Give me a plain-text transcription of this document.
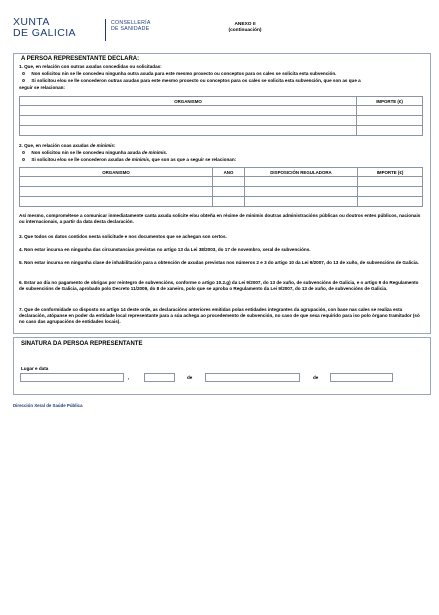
XUNTA
DE GALICIA
CONSELLERÍA
DE SANIDADE
ANEXO II
(continuación)
A PERSOA REPRESENTANTE DECLARA:
1. Que, en relación con outras axudas concedidas ou solicitadas:
Non solicitou nin se lle concedeu ningunha outra axuda para este mesmo proxecto ou conceptos para os cales se solicita esta subvención.
Si solicitou e/ou se lle concederon outras axudas para este mesmo proxecto ou conceptos para os cales se solicita esta subvención, que son as que a
seguir se relacionan:
ORGANISMO	IMPORTE (€)

2. Que, en relación coas axudas de minimis:
Non solicitou nin se lle concedeu ningunha axuda de minimis.
Si solicitou e/ou se lle concederon axudas de minimis, que son as que a seguir se relacionan:
ORGANISMO	ANO	DISPOSICIÓN REGULADORA	IMPORTE (€)

Así mesmo, comprométese a comunicar inmediatamente canta axuda solicite e/ou obteña en réxime de minimis doutras administracións públicas ou doutros entes públicos, nacionais ou internacionais, a partir da data desta declaración.
3. Que todos os datos contidos nesta solicitude e nos documentos que se achegan son certos.
4. Non estar incursa en ningunha das circunstancias previstas no artigo 13 da Lei 38/2003, do 17 de novembro, xeral de subvencións.
5. Non estar incursa en ningunha clase de inhabilitación para a obtención de axudas previstas nos números 2 e 3 do artigo 10 da Lei 9/2007, do 13 de xuño, de subvencións de Galicia.
6. Estar ao día no pagamento de obrigas por reintegro de subvencións, conforme o artigo 10.2.g) da Lei 9/2007, do 13 de xuño, de subvencións de Galicia, e o artigo 9 do Regulamento de subvencións de Galicia, aprobado polo Decreto 11/2009, do 8 de xaneiro, polo que se aproba o Regulamento da Lei 9/2007, do 13 de xuño, de subvencións de Galicia.
7. Que de conformidade co disposto no artigo 14 deste orde, as declaracións anteriores emitidas polas entidades integrantes da agrupación, con base nas cales se realiza esta declaración, atópanse en poder da entidade local representante para a súa achega ao procedemento de subvención, no caso de que sexa requirido para iso polo órgano tramitador (só no caso das agrupacións de entidades locais).
SINATURA DA PERSOA REPRESENTANTE
Lugar e data
,	de	de
Dirección Xeral de Saúde Pública
